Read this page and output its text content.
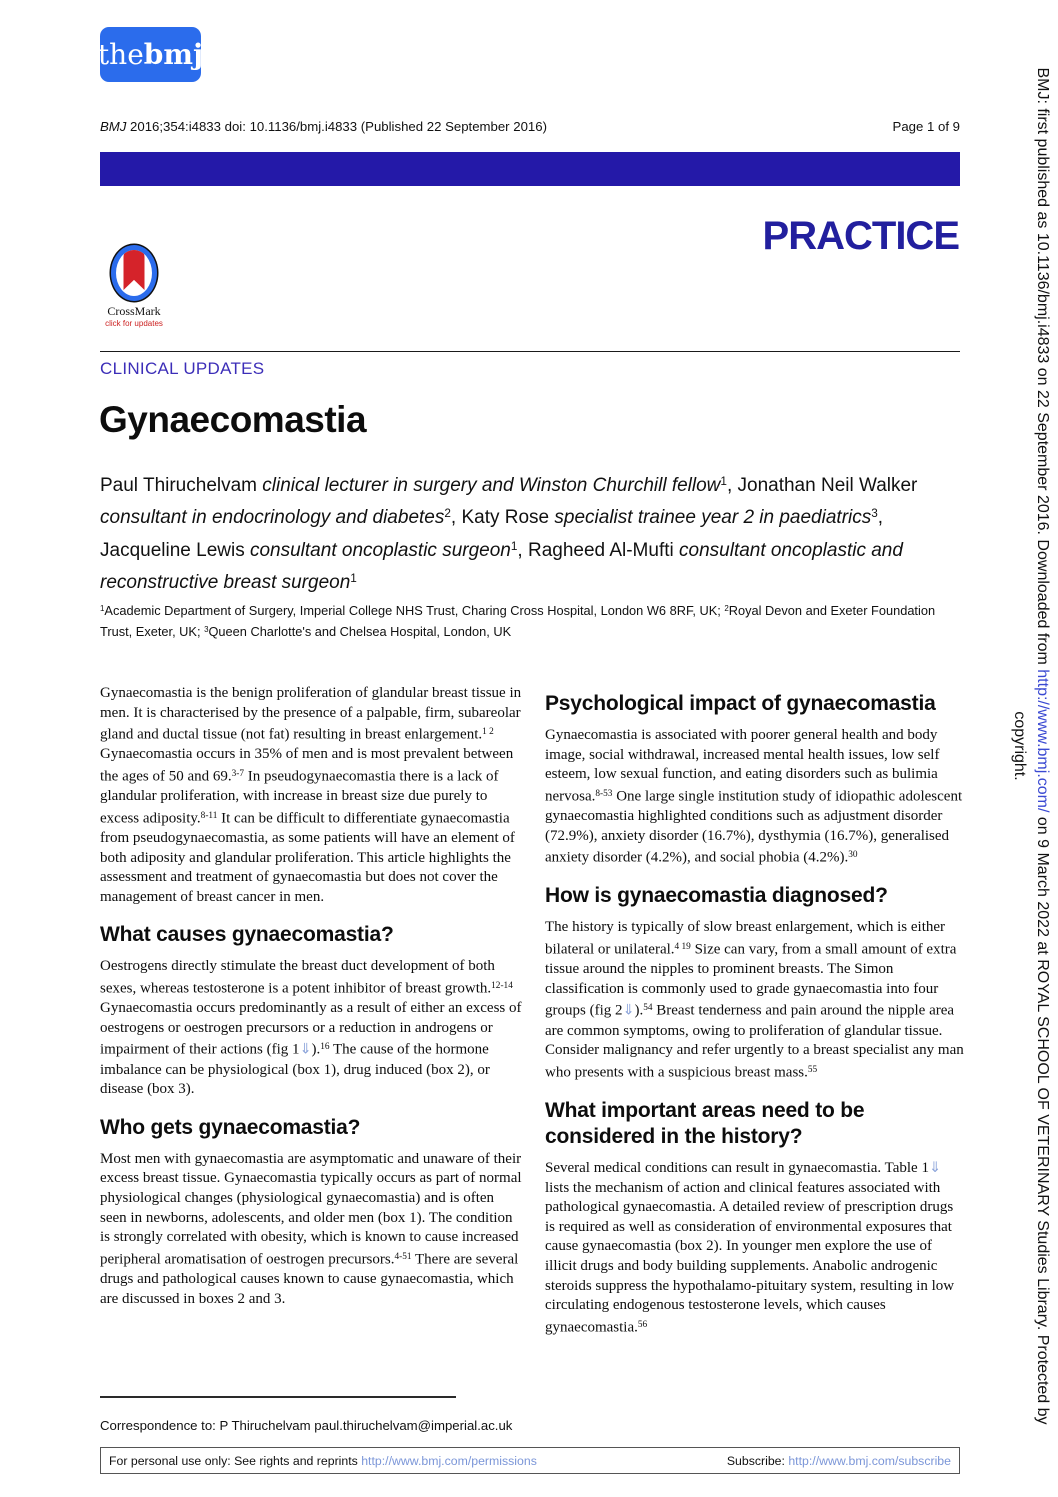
the bmj
BMJ 2016;354:i4833 doi: 10.1136/bmj.i4833 (Published 22 September 2016)	Page 1 of 9
PRACTICE
CrossMark
click for updates
CLINICAL UPDATES
Gynaecomastia

Paul Thiruchelvam clinical lecturer in surgery and Winston Churchill fellow$^1$, Jonathan Neil Walker consultant in endocrinology and diabetes$^2$, Katy Rose specialist trainee year 2 in paediatrics$^3$, Jacqueline Lewis consultant oncoplastic surgeon$^1$, Ragheed Al-Mufti consultant oncoplastic and reconstructive breast surgeon$^1$

$^1$Academic Department of Surgery, Imperial College NHS Trust, Charing Cross Hospital, London W6 8RF, UK; $^2$Royal Devon and Exeter Foundation Trust, Exeter, UK; $^3$Queen Charlotte's and Chelsea Hospital, London, UK

Gynaecomastia is the benign proliferation of glandular breast tissue in men. It is characterised by the presence of a palpable, firm, subareolar gland and ductal tissue (not fat) resulting in breast enlargement.$^{1 2}$ Gynaecomastia occurs in 35% of men and is most prevalent between the ages of 50 and 69.$^{3-7}$ In pseudogynaecomastia there is a lack of glandular proliferation, with increase in breast size due purely to excess adiposity.$^{8-11}$ It can be difficult to differentiate gynaecomastia from pseudogynaecomastia, as some patients will have an element of both adiposity and glandular proliferation. This article highlights the assessment and treatment of gynaecomastia but does not cover the management of breast cancer in men.

What causes gynaecomastia?

Oestrogens directly stimulate the breast duct development of both sexes, whereas testosterone is a potent inhibitor of breast growth.$^{12-14}$ Gynaecomastia occurs predominantly as a result of either an excess of oestrogens or oestrogen precursors or a reduction in androgens or impairment of their actions (fig 1⇓).$^{16}$ The cause of the hormone imbalance can be physiological (box 1), drug induced (box 2), or disease (box 3).

Who gets gynaecomastia?

Most men with gynaecomastia are asymptomatic and unaware of their excess breast tissue. Gynaecomastia typically occurs as part of normal physiological changes (physiological gynaecomastia) and is often seen in newborns, adolescents, and older men (box 1). The condition is strongly correlated with obesity, which is known to cause increased peripheral aromatisation of oestrogen precursors.$^{4-51}$ There are several drugs and pathological causes known to cause gynaecomastia, which are discussed in boxes 2 and 3.

Psychological impact of gynaecomastia

Gynaecomastia is associated with poorer general health and body image, social withdrawal, increased mental health issues, low self esteem, low sexual function, and eating disorders such as bulimia nervosa.$^{8-53}$ One large single institution study of idiopathic adolescent gynaecomastia highlighted conditions such as adjustment disorder (72.9%), anxiety disorder (16.7%), dysthymia (16.7%), generalised anxiety disorder (4.2%), and social phobia (4.2%).$^{30}$

How is gynaecomastia diagnosed?

The history is typically of slow breast enlargement, which is either bilateral or unilateral.$^{4 19}$ Size can vary, from a small amount of extra tissue around the nipples to prominent breasts. The Simon classification is commonly used to grade gynaecomastia into four groups (fig 2⇓).$^{54}$ Breast tenderness and pain around the nipple area are common symptoms, owing to proliferation of glandular tissue. Consider malignancy and refer urgently to a breast specialist any man who presents with a suspicious breast mass.$^{55}$

What important areas need to be considered in the history?

Several medical conditions can result in gynaecomastia. Table 1⇓ lists the mechanism of action and clinical features associated with pathological gynaecomastia. A detailed review of prescription drugs is required as well as consideration of environmental exposures that cause gynaecomastia (box 2). In younger men explore the use of illicit drugs and body building supplements. Anabolic androgenic steroids suppress the hypothalamo-pituitary system, resulting in low circulating endogenous testosterone levels, which causes gynaecomastia.$^{56}$

Correspondence to: P Thiruchelvam paul.thiruchelvam@imperial.ac.uk
For personal use only: See rights and reprints http://www.bmj.com/permissions	Subscribe: http://www.bmj.com/subscribe
BMJ: first published as 10.1136/bmj.i4833 on 22 September 2016. Downloaded from http://www.bmj.com/ on 9 March 2022 at ROYAL SCHOOL OF VETERINARY Studies Library. Protected by
copyright.
